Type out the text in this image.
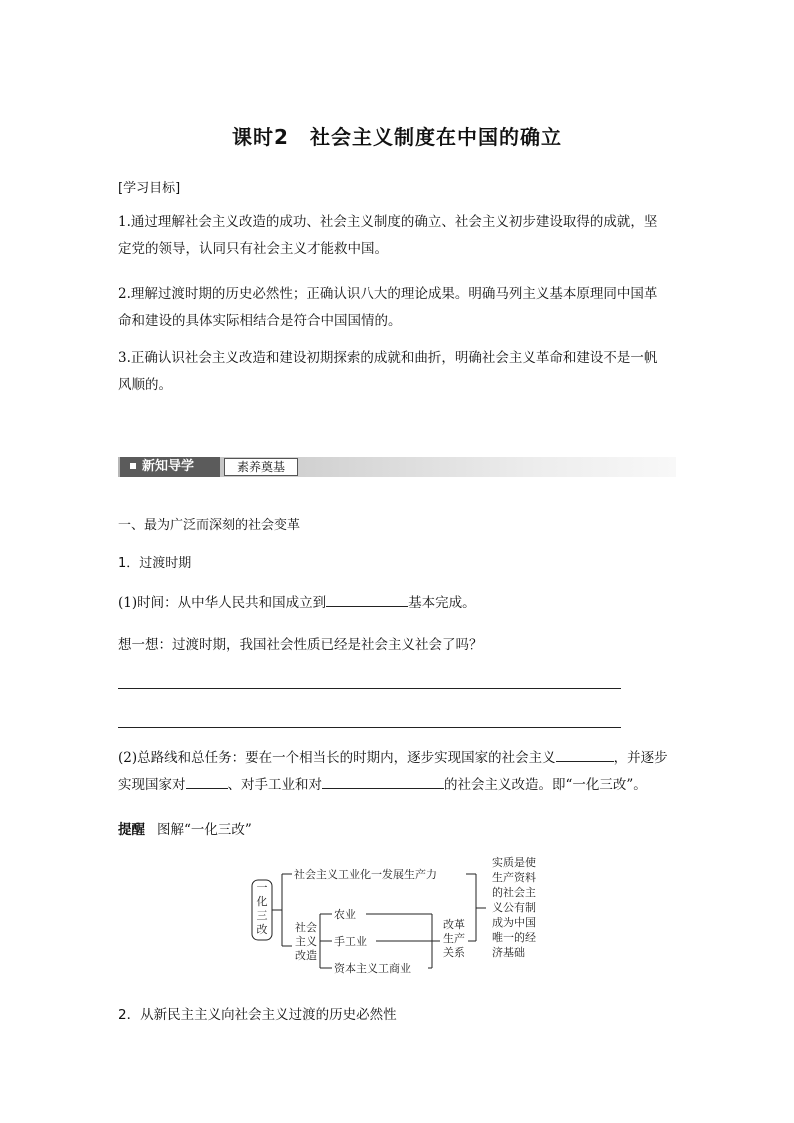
课时2　社会主义制度在中国的确立
[学习目标]
1.通过理解社会主义改造的成功、社会主义制度的确立、社会主义初步建设取得的成就，坚
定党的领导，认同只有社会主义才能救中国。
2.理解过渡时期的历史必然性；正确认识八大的理论成果。明确马列主义基本原理同中国革
命和建设的具体实际相结合是符合中国国情的。
3.正确认识社会主义改造和建设初期探索的成就和曲折，明确社会主义革命和建设不是一帆
风顺的。
新知导学	素养奠基
一、最为广泛而深刻的社会变革
1．过渡时期
(1)时间：从中华人民共和国成立到	基本完成。
想一想：过渡时期，我国社会性质已经是社会主义社会了吗？
(2)总路线和总任务：要在一个相当长的时期内，逐步实现国家的社会主义	，并逐步
实现国家对	、对手工业和对	的社会主义改造。即“一化三改”。
提醒 图解“一化三改”
一
化
三
改
社会主义工业化一发展生产力
社会
主义
改造
农业
手工业
资本主义工商业
改革
生产
关系
实质是使
生产资料
的社会主
义公有制
成为中国
唯一的经
济基础
2．从新民主主义向社会主义过渡的历史必然性
